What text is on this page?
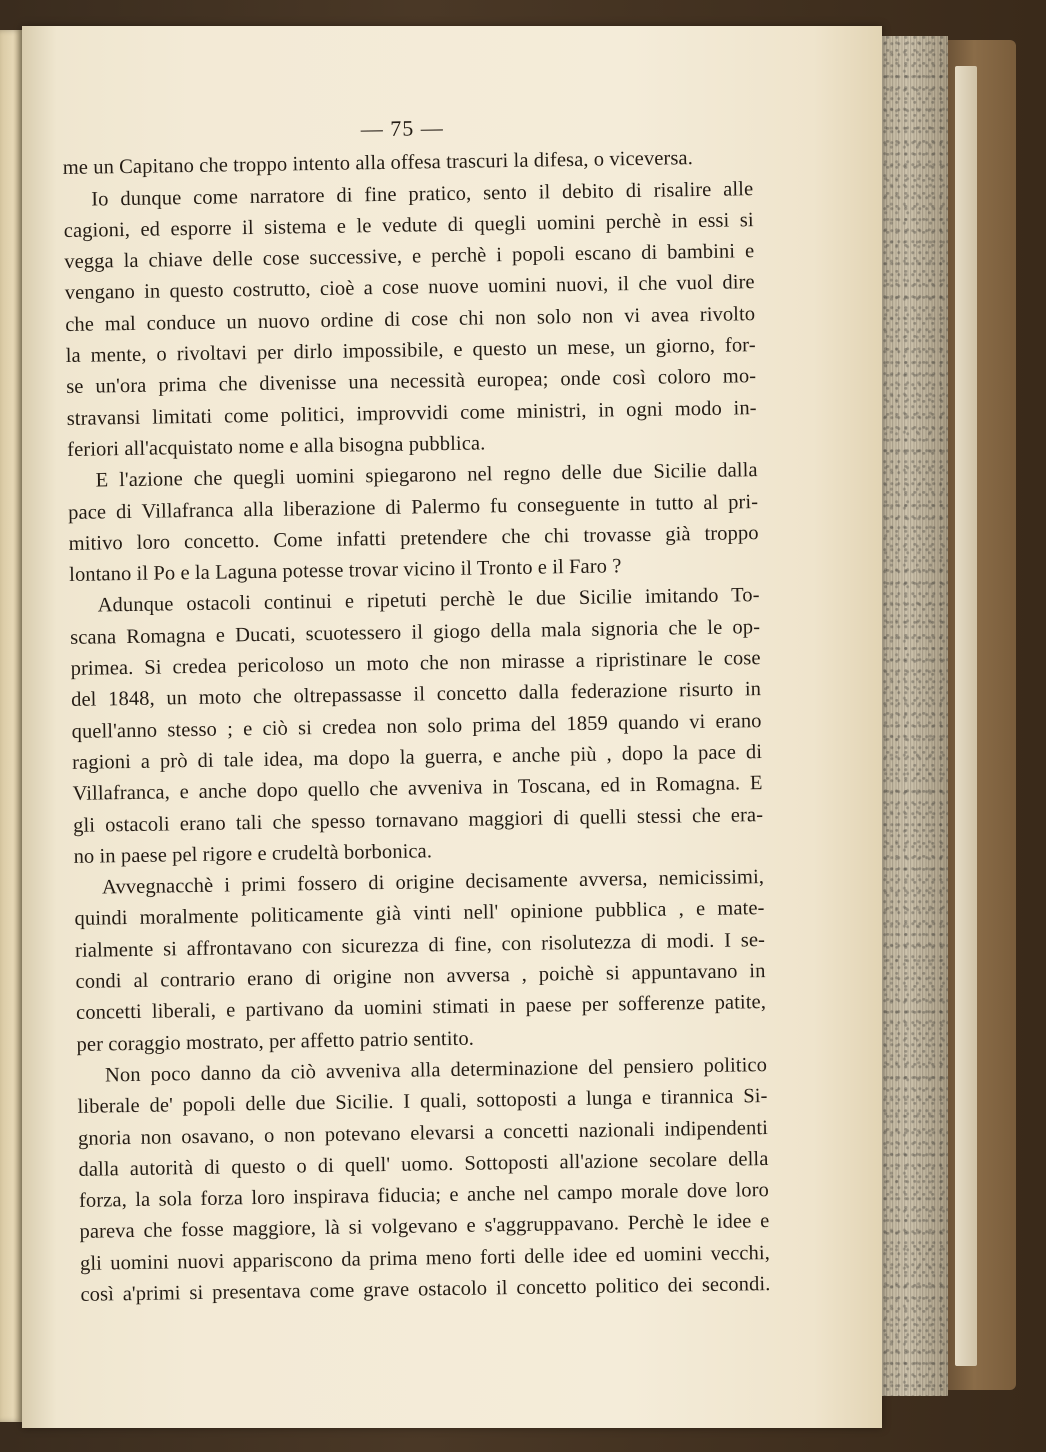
— 75 —
me un Capitano che troppo intento alla offesa trascuri la difesa, o viceversa.
Io dunque come narratore di fine pratico, sento il debito di risalire alle
cagioni, ed esporre il sistema e le vedute di quegli uomini perchè in essi si
vegga la chiave delle cose successive, e perchè i popoli escano di bambini e
vengano in questo costrutto, cioè a cose nuove uomini nuovi, il che vuol dire
che mal conduce un nuovo ordine di cose chi non solo non vi avea rivolto
la mente, o rivoltavi per dirlo impossibile, e questo un mese, un giorno, for-
se un'ora prima che divenisse una necessità europea; onde così coloro mo-
stravansi limitati come politici, improvvidi come ministri, in ogni modo in-
feriori all'acquistato nome e alla bisogna pubblica.
E l'azione che quegli uomini spiegarono nel regno delle due Sicilie dalla
pace di Villafranca alla liberazione di Palermo fu conseguente in tutto al pri-
mitivo loro concetto. Come infatti pretendere che chi trovasse già troppo
lontano il Po e la Laguna potesse trovar vicino il Tronto e il Faro ?
Adunque ostacoli continui e ripetuti perchè le due Sicilie imitando To-
scana Romagna e Ducati, scuotessero il giogo della mala signoria che le op-
primea. Si credea pericoloso un moto che non mirasse a ripristinare le cose
del 1848, un moto che oltrepassasse il concetto dalla federazione risurto in
quell'anno stesso ; e ciò si credea non solo prima del 1859 quando vi erano
ragioni a prò di tale idea, ma dopo la guerra, e anche più , dopo la pace di
Villafranca, e anche dopo quello che avveniva in Toscana, ed in Romagna. E
gli ostacoli erano tali che spesso tornavano maggiori di quelli stessi che era-
no in paese pel rigore e crudeltà borbonica.
Avvegnacchè i primi fossero di origine decisamente avversa, nemicissimi,
quindi moralmente politicamente già vinti nell' opinione pubblica , e mate-
rialmente si affrontavano con sicurezza di fine, con risolutezza di modi. I se-
condi al contrario erano di origine non avversa , poichè si appuntavano in
concetti liberali, e partivano da uomini stimati in paese per sofferenze patite,
per coraggio mostrato, per affetto patrio sentito.
Non poco danno da ciò avveniva alla determinazione del pensiero politico
liberale de' popoli delle due Sicilie. I quali, sottoposti a lunga e tirannica Si-
gnoria non osavano, o non potevano elevarsi a concetti nazionali indipendenti
dalla autorità di questo o di quell' uomo. Sottoposti all'azione secolare della
forza, la sola forza loro inspirava fiducia; e anche nel campo morale dove loro
pareva che fosse maggiore, là si volgevano e s'aggruppavano. Perchè le idee e
gli uomini nuovi appariscono da prima meno forti delle idee ed uomini vecchi,
così a'primi si presentava come grave ostacolo il concetto politico dei secondi.
